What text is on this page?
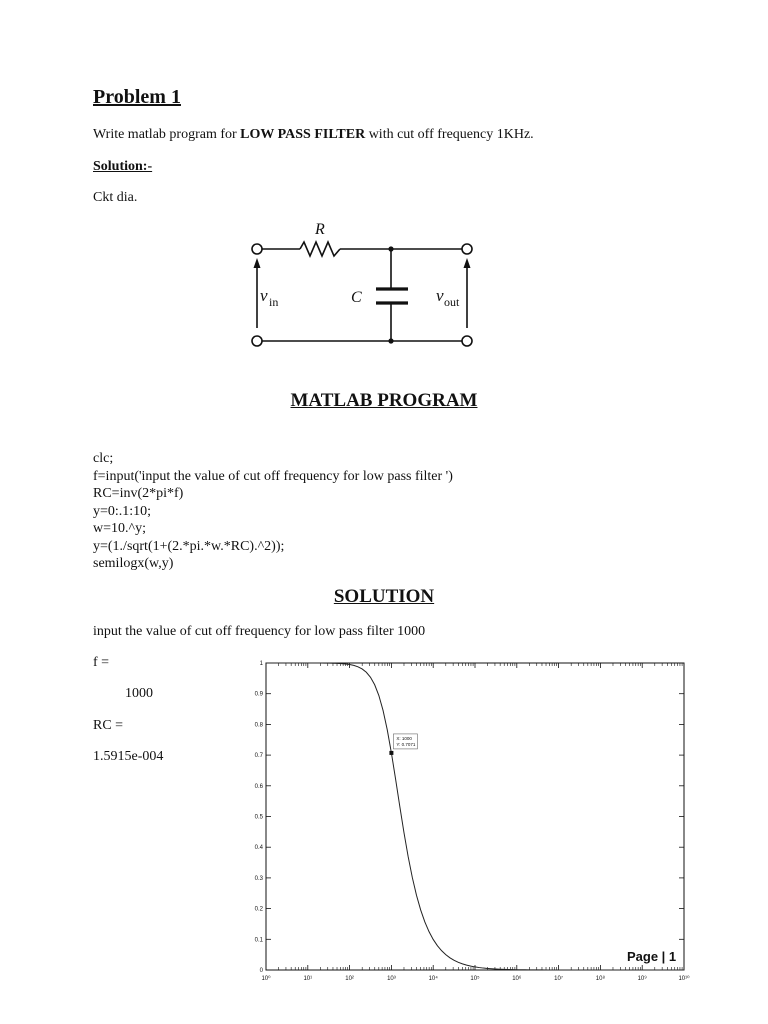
Problem 1
Write matlab program for LOW PASS FILTER with cut off frequency 1KHz.
Solution:-
Ckt dia.
R
C
v	v
in	out
MATLAB PROGRAM
clc;
f=input('input the value of cut off frequency for low pass filter ')
RC=inv(2*pi*f)
y=0:.1:10;
w=10.^y;
y=(1./sqrt(1+(2.*pi.*w.*RC).^2));
semilogx(w,y)
SOLUTION
input the value of cut off frequency for low pass filter 1000
f =
1000
RC =
1.5915e-004
10⁰	10¹	10²	10³	10⁴	10⁵	10⁶	10⁷	10⁸	10⁹	10¹⁰
0
0.1
0.2
0.3
0.4
0.5
0.6
0.7
0.8
0.9
1
X: 1000
Y: 0.7071
Page | 1
